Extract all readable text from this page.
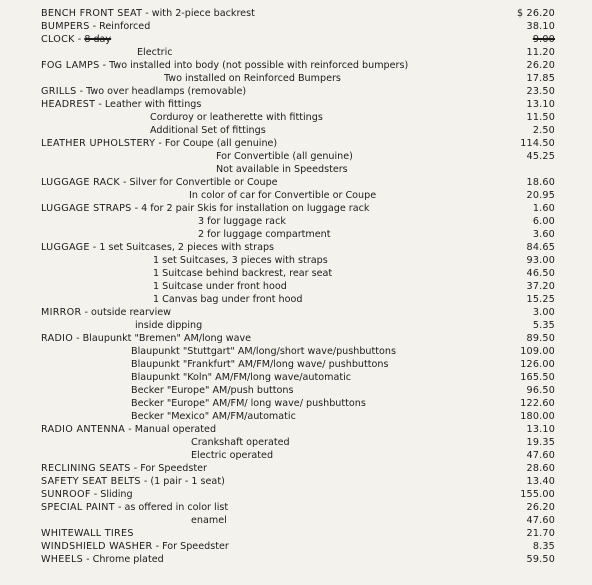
BENCH FRONT SEAT - with 2-piece backrest	$ 26.20
BUMPERS - Reinforced	38.10
CLOCK - 8 day	9.00
Electric	11.20
FOG LAMPS - Two installed into body (not possible with reinforced bumpers)	26.20
Two installed on Reinforced Bumpers	17.85
GRILLS - Two over headlamps (removable)	23.50
HEADREST - Leather with fittings	13.10
Corduroy or leatherette with fittings	11.50
Additional Set of fittings	2.50
LEATHER UPHOLSTERY - For Coupe (all genuine)	114.50
For Convertible (all genuine)	45.25
Not available in Speedsters
LUGGAGE RACK - Silver for Convertible or Coupe	18.60
In color of car for Convertible or Coupe	20.95
LUGGAGE STRAPS - 4 for 2 pair Skis for installation on luggage rack	1.60
3 for luggage rack	6.00
2 for luggage compartment	3.60
LUGGAGE - 1 set Suitcases, 2 pieces with straps	84.65
1 set Suitcases, 3 pieces with straps	93.00
1 Suitcase behind backrest, rear seat	46.50
1 Suitcase under front hood	37.20
1 Canvas bag under front hood	15.25
MIRROR - outside rearview	3.00
inside dipping	5.35
RADIO - Blaupunkt "Bremen" AM/long wave	89.50
Blaupunkt "Stuttgart" AM/long/short wave/pushbuttons	109.00
Blaupunkt "Frankfurt" AM/FM/long wave/ pushbuttons	126.00
Blaupunkt "Koln" AM/FM/long wave/automatic	165.50
Becker "Europe" AM/push buttons	96.50
Becker "Europe" AM/FM/ long wave/ pushbuttons	122.60
Becker "Mexico" AM/FM/automatic	180.00
RADIO ANTENNA - Manual operated	13.10
Crankshaft operated	19.35
Electric operated	47.60
RECLINING SEATS - For Speedster	28.60
SAFETY SEAT BELTS - (1 pair - 1 seat)	13.40
SUNROOF - Sliding	155.00
SPECIAL PAINT - as offered in color list	26.20
enamel	47.60
WHITEWALL TIRES	21.70
WINDSHIELD WASHER - For Speedster	8.35
WHEELS - Chrome plated	59.50
